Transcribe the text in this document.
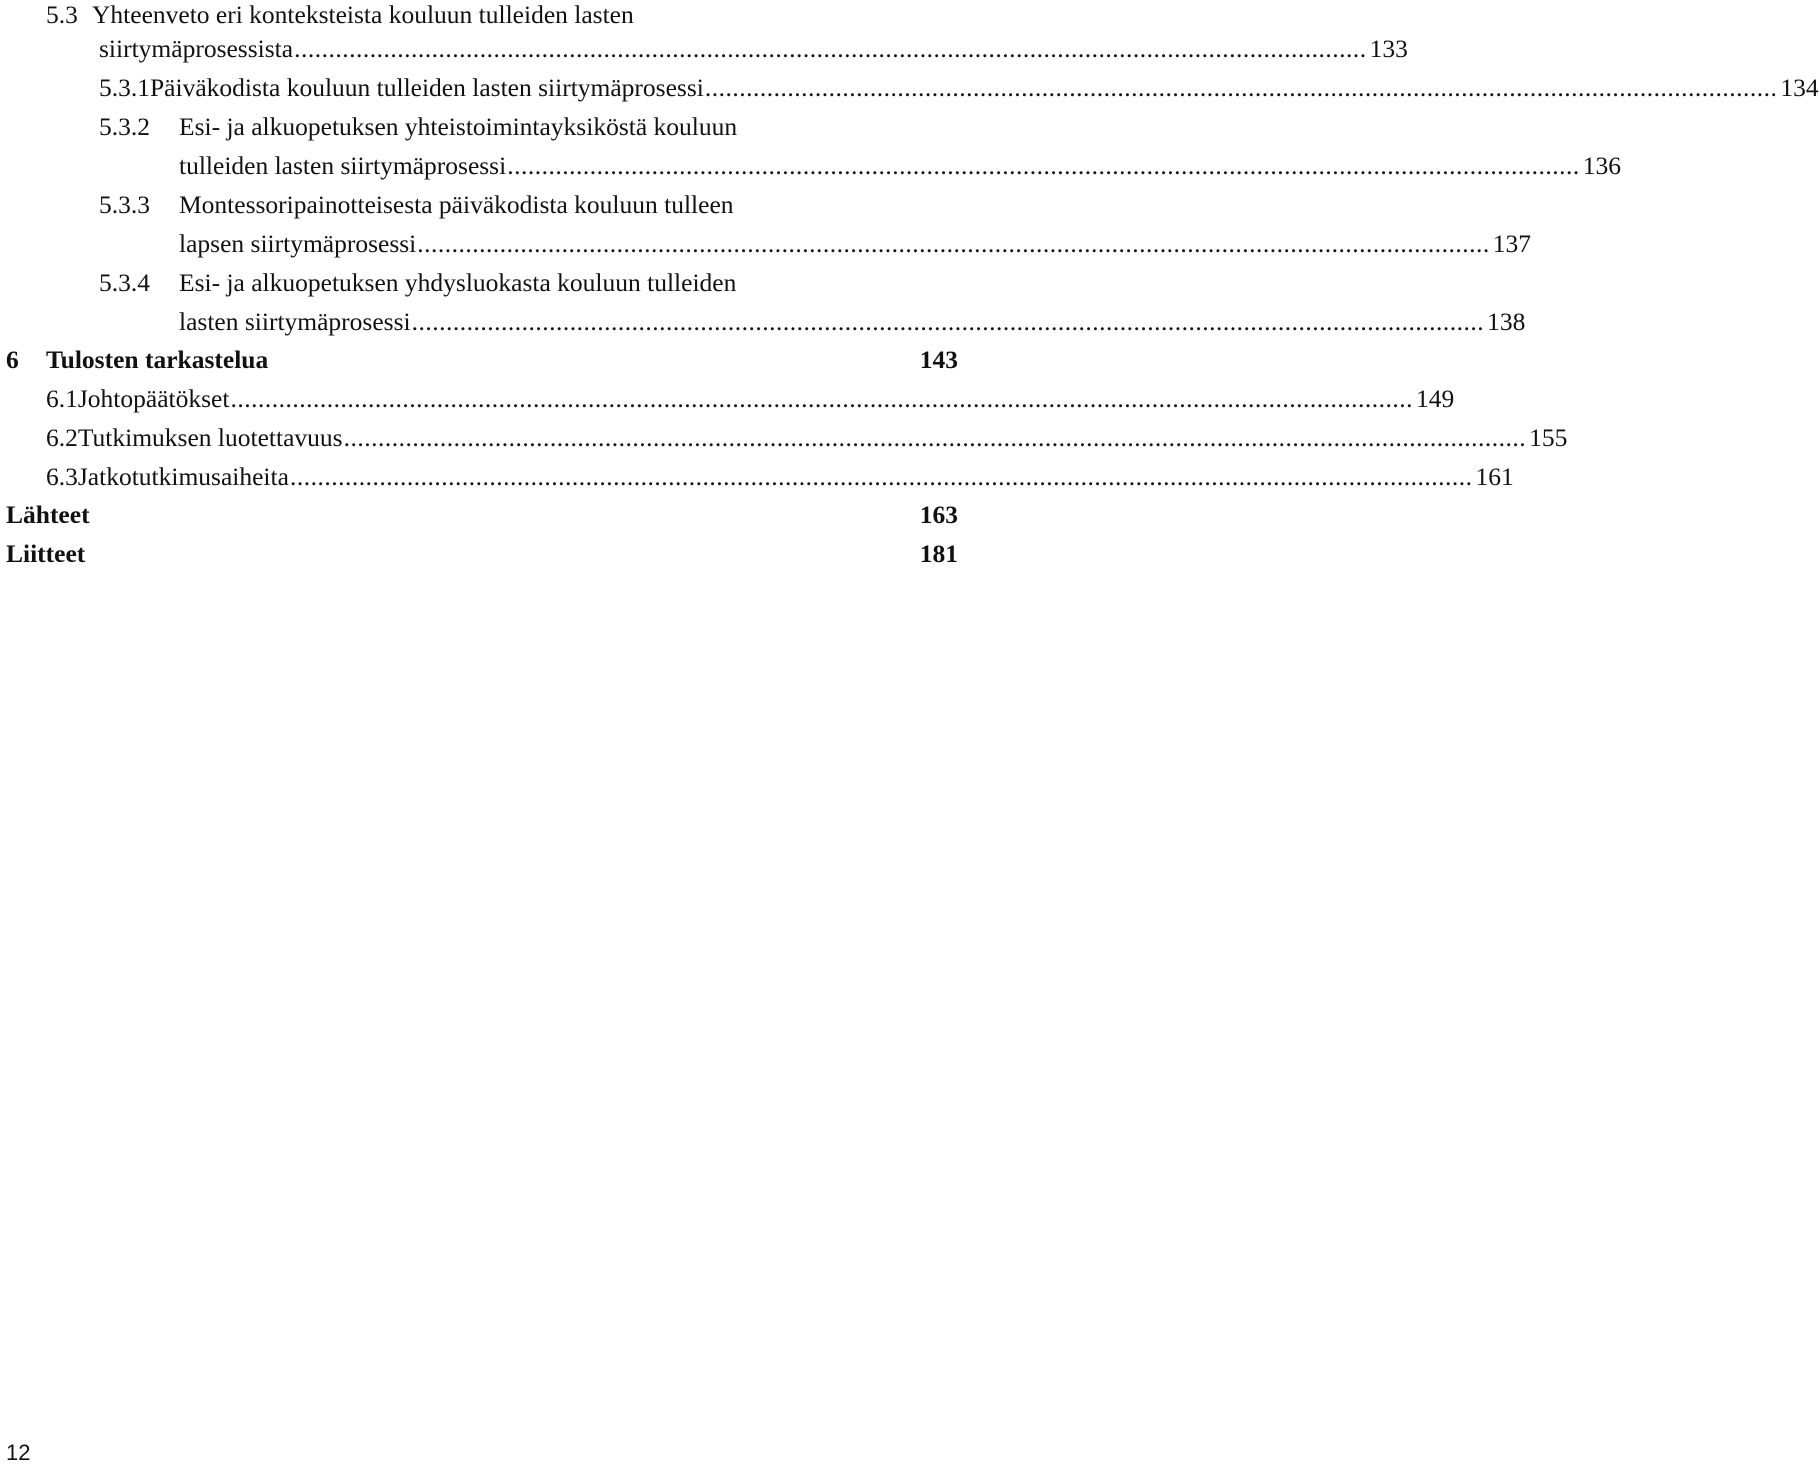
5.3 Yhteenveto eri konteksteista kouluun tulleiden lasten
siirtymäprosessista ............................................................................................................................................................ 133
5.3.1 Päiväkodista kouluun tulleiden lasten siirtymäprosessi ............................................................................................................................................................ 134
5.3.2	Esi- ja alkuopetuksen yhteistoimintayksiköstä kouluun
tulleiden lasten siirtymäprosessi ............................................................................................................................................................ 136
5.3.3	Montessoripainotteisesta päiväkodista kouluun tulleen
lapsen siirtymäprosessi ............................................................................................................................................................ 137
5.3.4	Esi- ja alkuopetuksen yhdysluokasta kouluun tulleiden
lasten siirtymäprosessi ............................................................................................................................................................ 138
6	Tulosten tarkastelua	143
6.1 Johtopäätökset ............................................................................................................................................................................ 149
6.2 Tutkimuksen luotettavuus ............................................................................................................................................................................ 155
6.3 Jatkotutkimusaiheita ............................................................................................................................................................................ 161
Lähteet	163
Liitteet	181
12
